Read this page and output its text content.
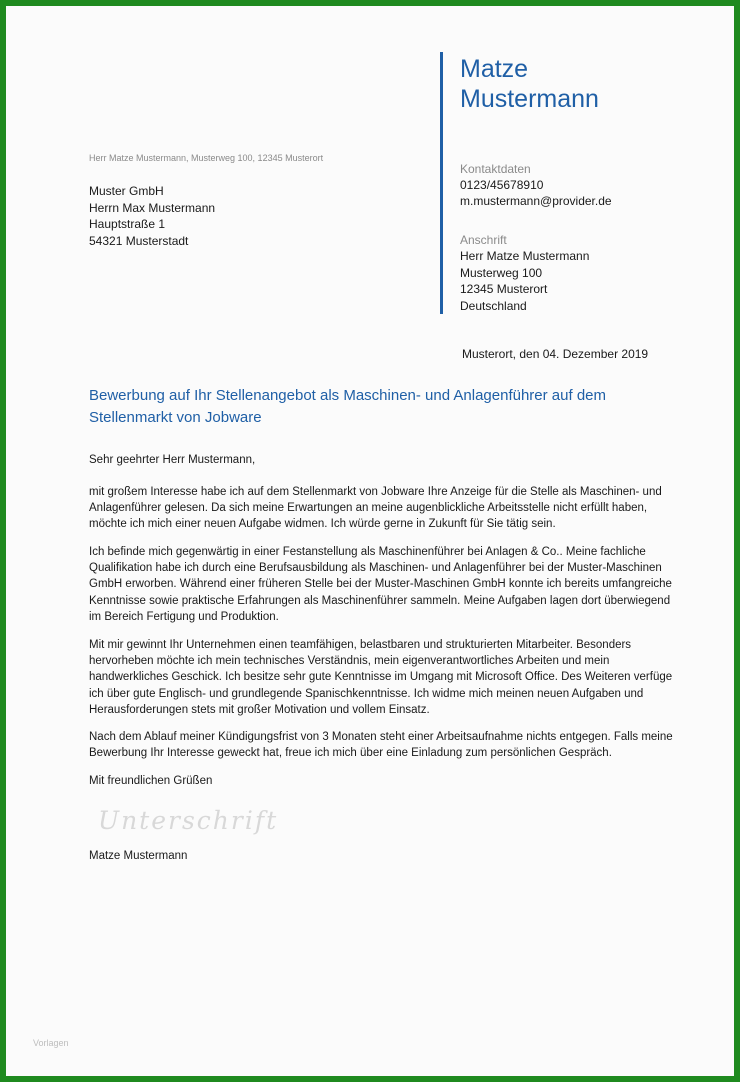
Matze
Mustermann
Herr Matze Mustermann, Musterweg 100, 12345 Musterort
Muster GmbH
Herrn Max Mustermann
Hauptstraße 1
54321 Musterstadt
Kontaktdaten
0123/45678910
m.mustermann@provider.de
Anschrift
Herr Matze Mustermann
Musterweg 100
12345 Musterort
Deutschland
Musterort, den 04. Dezember 2019
Bewerbung auf Ihr Stellenangebot als Maschinen- und Anlagenführer auf dem Stellenmarkt von Jobware
Sehr geehrter Herr Mustermann,
mit großem Interesse habe ich auf dem Stellenmarkt von Jobware Ihre Anzeige für die Stelle als Maschinen- und Anlagenführer gelesen. Da sich meine Erwartungen an meine augenblickliche Arbeitsstelle nicht erfüllt haben, möchte ich mich einer neuen Aufgabe widmen. Ich würde gerne in Zukunft für Sie tätig sein.
Ich befinde mich gegenwärtig in einer Festanstellung als Maschinenführer bei Anlagen & Co.. Meine fachliche Qualifikation habe ich durch eine Berufsausbildung als Maschinen- und Anlagenführer bei der Muster-Maschinen GmbH erworben. Während einer früheren Stelle bei der Muster-Maschinen GmbH konnte ich bereits umfangreiche Kenntnisse sowie praktische Erfahrungen als Maschinenführer sammeln. Meine Aufgaben lagen dort überwiegend im Bereich Fertigung und Produktion.
Mit mir gewinnt Ihr Unternehmen einen teamfähigen, belastbaren und strukturierten Mitarbeiter. Besonders hervorheben möchte ich mein technisches Verständnis, mein eigenverantwortliches Arbeiten und mein handwerkliches Geschick. Ich besitze sehr gute Kenntnisse im Umgang mit Microsoft Office. Des Weiteren verfüge ich über gute Englisch- und grundlegende Spanischkenntnisse. Ich widme mich meinen neuen Aufgaben und Herausforderungen stets mit großer Motivation und vollem Einsatz.
Nach dem Ablauf meiner Kündigungsfrist von 3 Monaten steht einer Arbeitsaufnahme nichts entgegen. Falls meine Bewerbung Ihr Interesse geweckt hat, freue ich mich über eine Einladung zum persönlichen Gespräch.
Mit freundlichen Grüßen
Unterschrift
Matze Mustermann
Vorlagen
